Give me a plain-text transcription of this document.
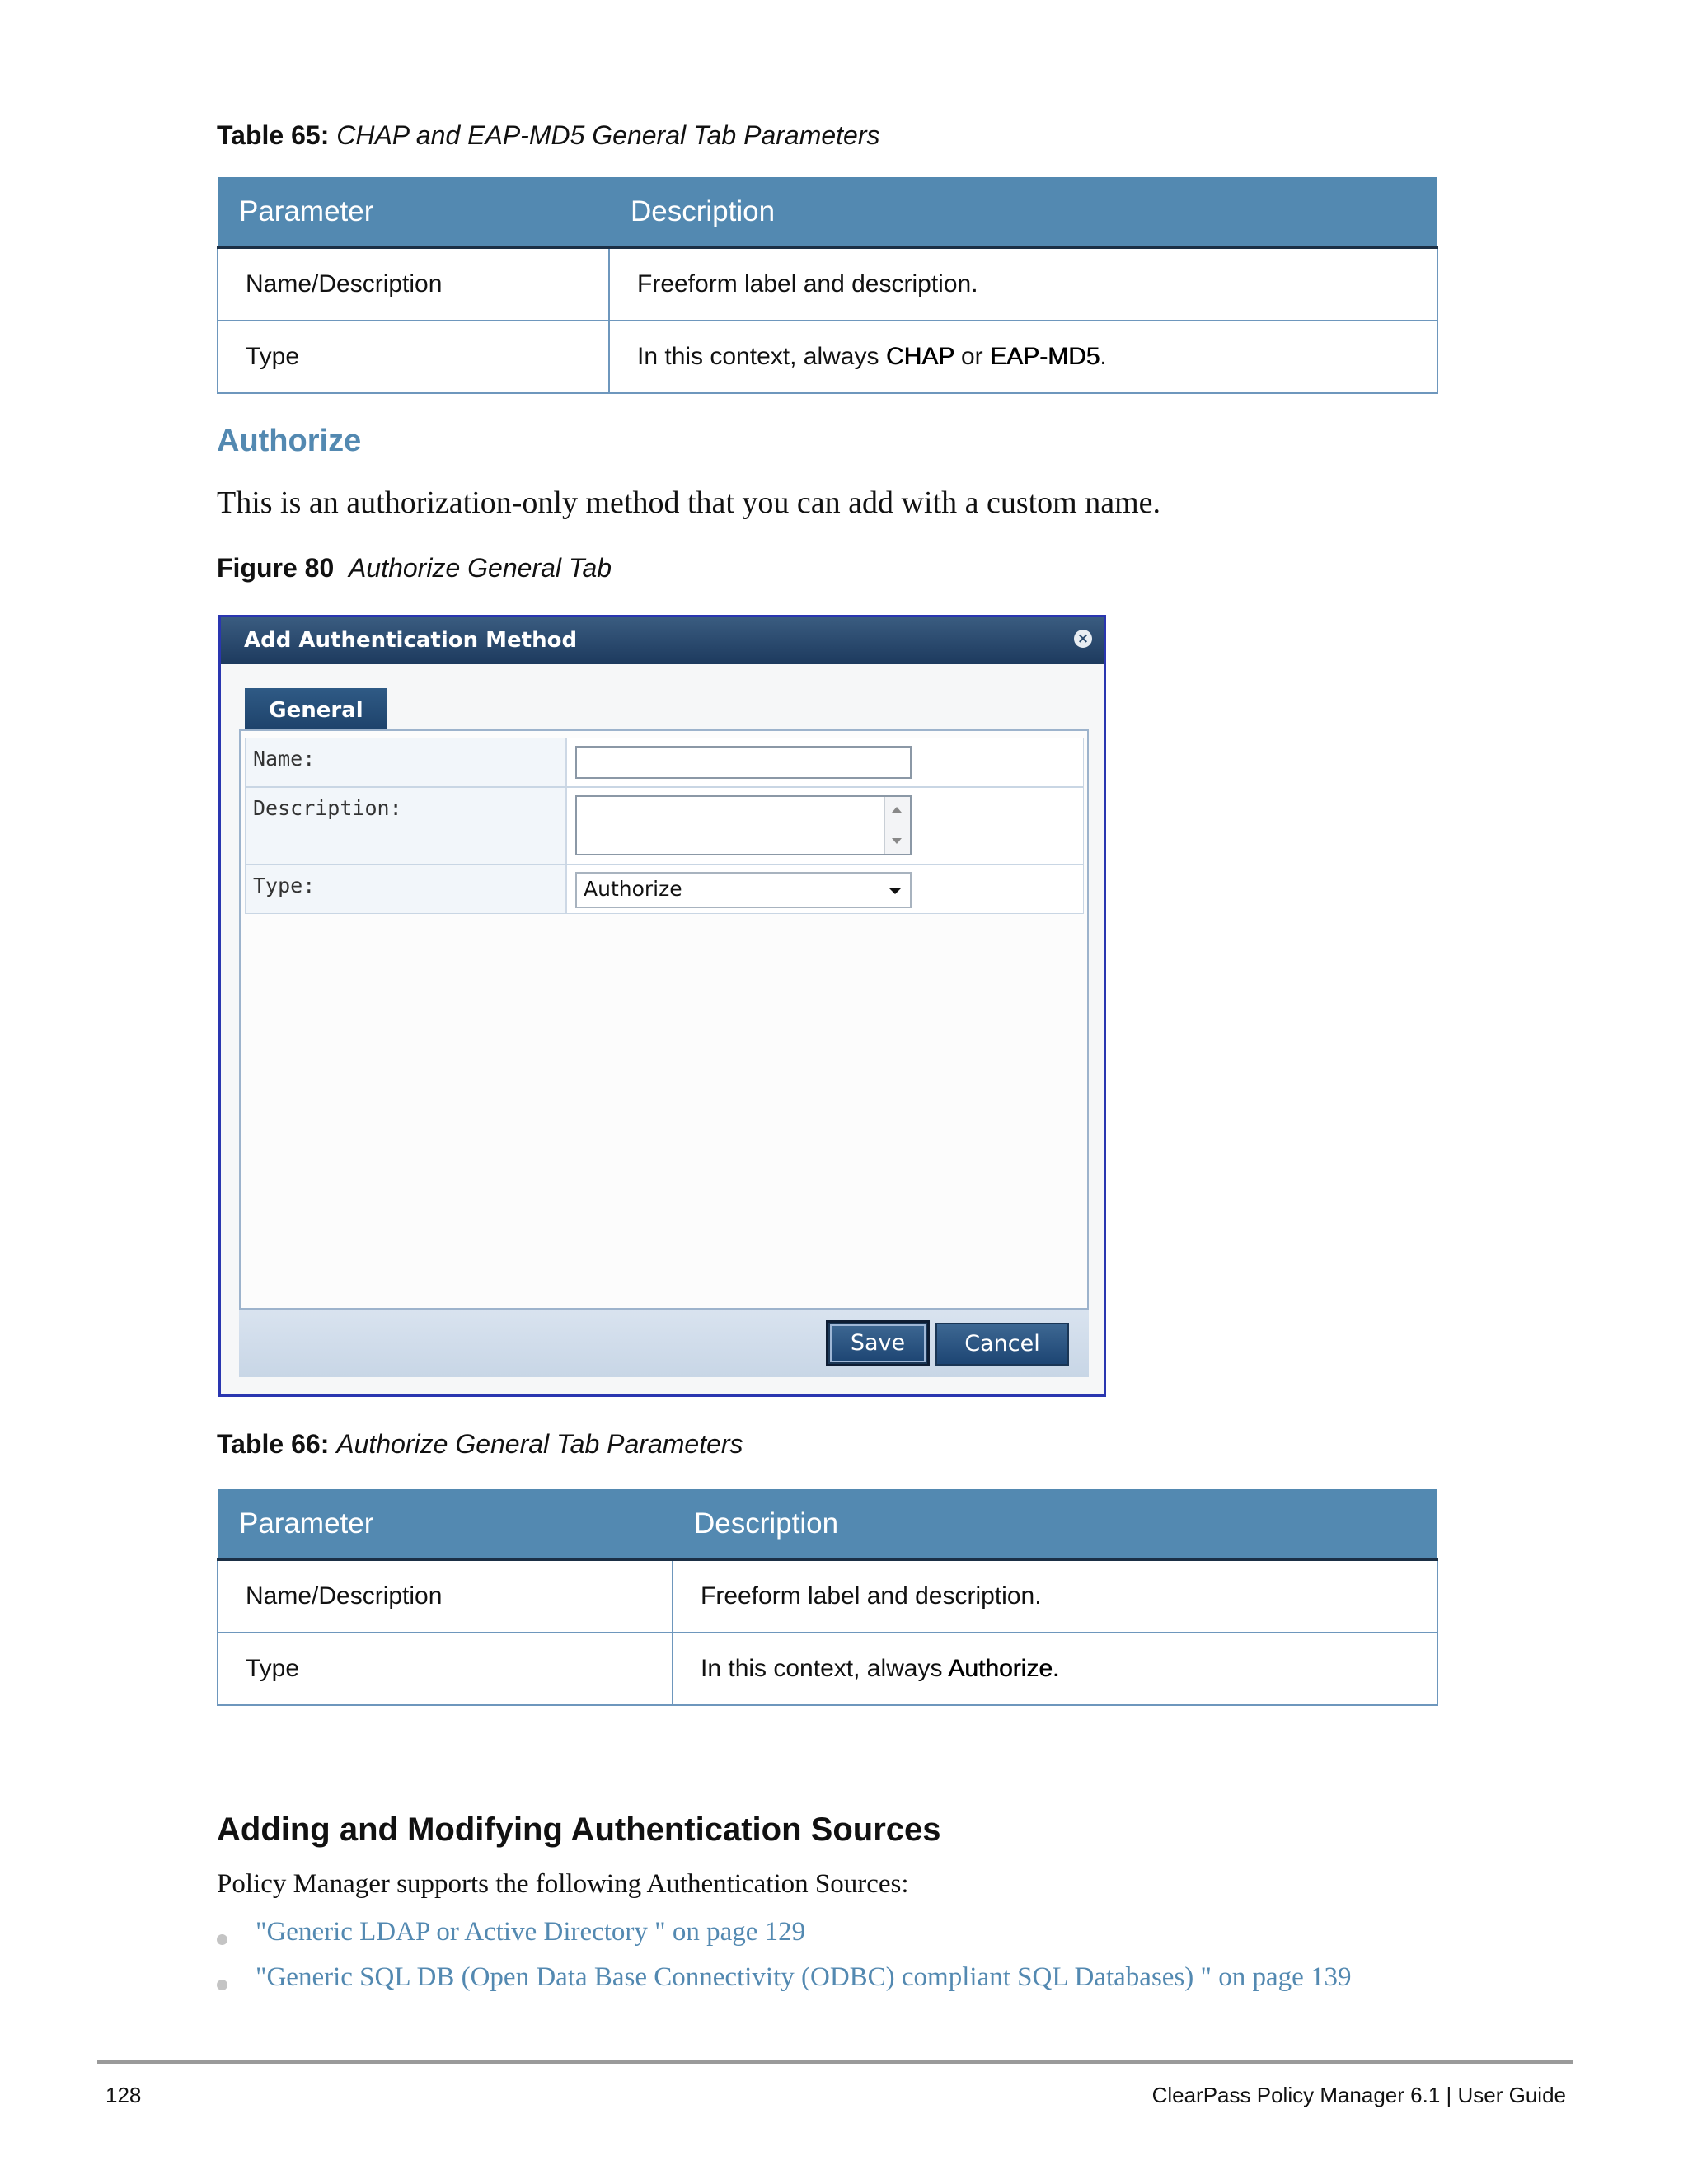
Table 65: CHAP and EAP-MD5 General Tab Parameters
Parameter	Description
Name/Description	Freeform label and description.
Type	In this context, always CHAP or EAP-MD5.
Authorize
This is an authorization-only method that you can add with a custom name.
Figure 80 Authorize General Tab
Add Authentication Method	×
General
Name:
Description:
Type:	Authorize
Save	Cancel
Table 66: Authorize General Tab Parameters
Parameter	Description
Name/Description	Freeform label and description.
Type	In this context, always Authorize.
Adding and Modifying Authentication Sources
Policy Manager supports the following Authentication Sources:
"Generic LDAP or Active Directory " on page 129
"Generic SQL DB (Open Data Base Connectivity (ODBC) compliant SQL Databases) " on page 139
128	ClearPass Policy Manager 6.1 | User Guide
